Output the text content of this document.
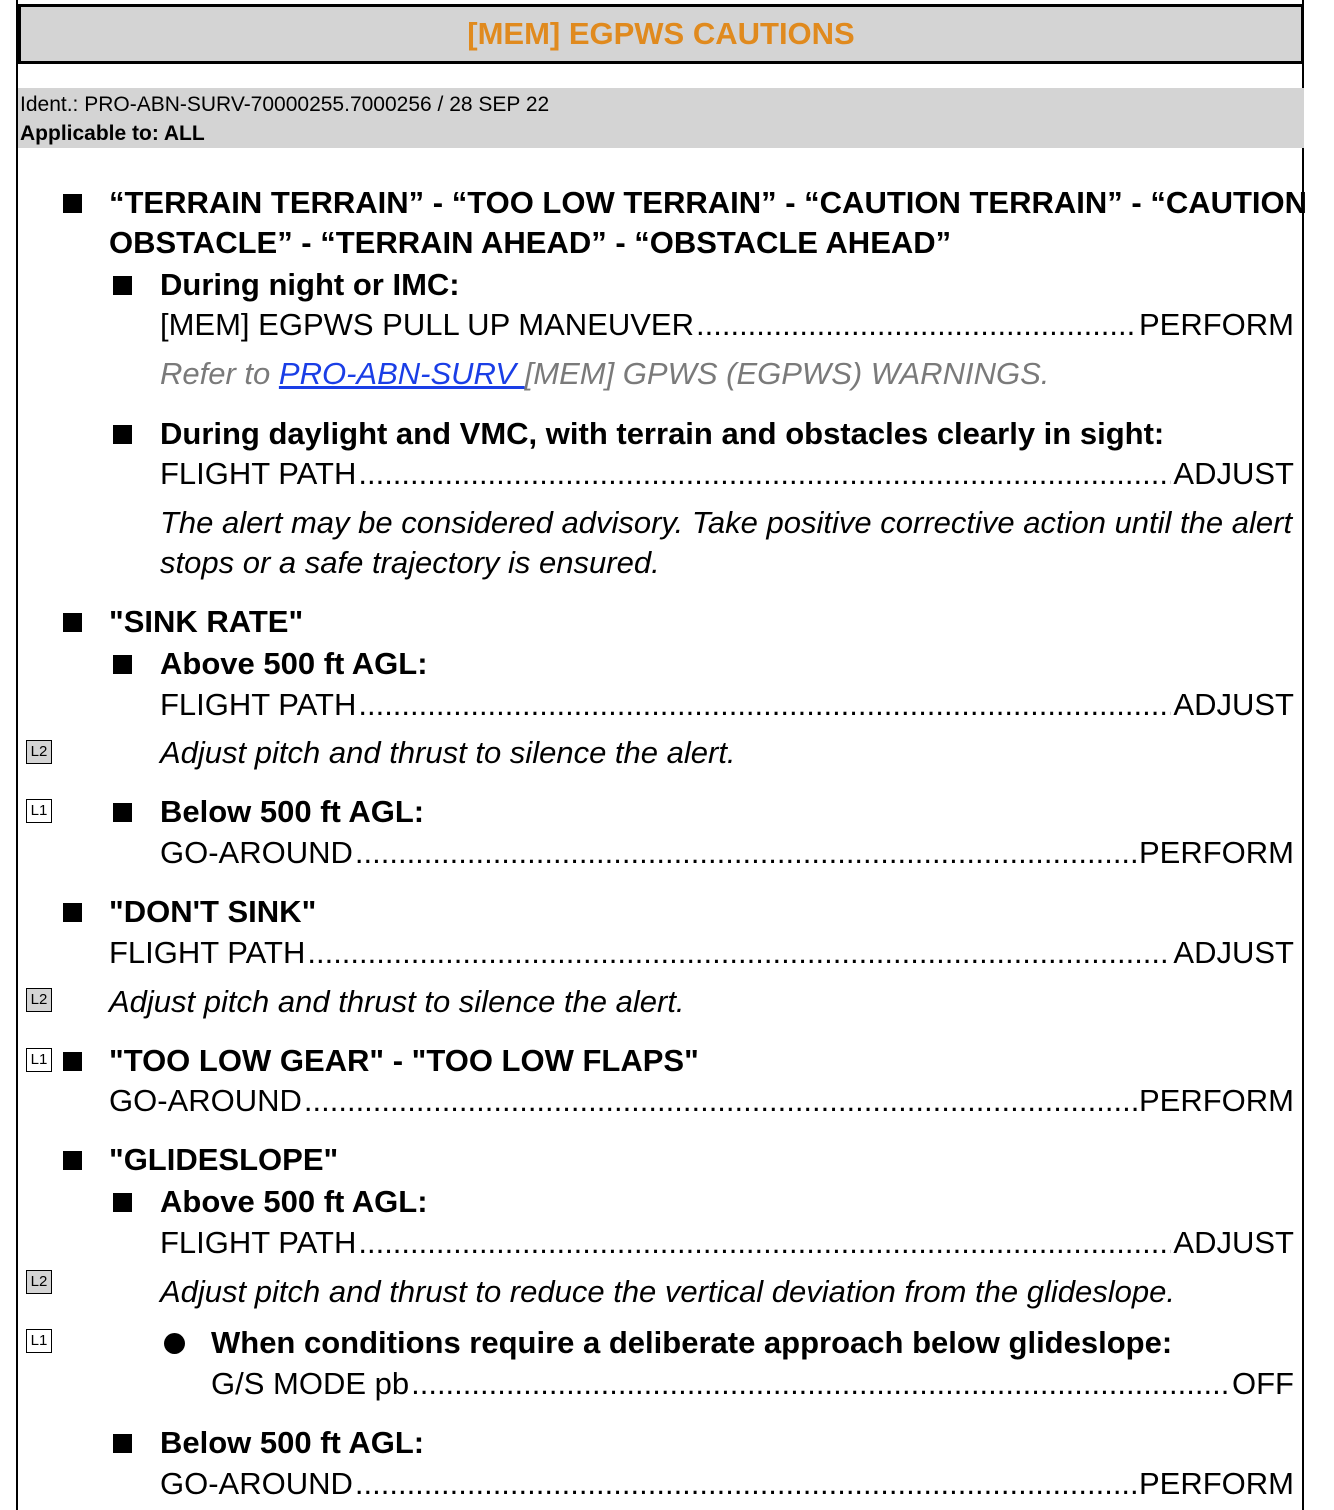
[MEM] EGPWS CAUTIONS
Ident.: PRO-ABN-SURV-70000255.7000256 / 28 SEP 22
Applicable to: ALL
“TERRAIN TERRAIN” - “TOO LOW TERRAIN” - “CAUTION TERRAIN” - “CAUTION
OBSTACLE” - “TERRAIN AHEAD” - “OBSTACLE AHEAD”
During night or IMC:
[MEM] EGPWS PULL UP MANEUVER .....	PERFORM
Refer to PRO-ABN-SURV [MEM] GPWS (EGPWS) WARNINGS.
During daylight and VMC, with terrain and obstacles clearly in sight:
FLIGHT PATH .....	ADJUST
The alert may be considered advisory. Take positive corrective action until the alert
stops or a safe trajectory is ensured.
"SINK RATE"
Above 500 ft AGL:
FLIGHT PATH .....	ADJUST
L2	Adjust pitch and thrust to silence the alert.
L1	Below 500 ft AGL:
GO-AROUND .....	PERFORM
"DON'T SINK"
FLIGHT PATH .....	ADJUST
L2 Adjust pitch and thrust to silence the alert.
L1 "TOO LOW GEAR" - "TOO LOW FLAPS"
GO-AROUND .....	PERFORM
"GLIDESLOPE"
Above 500 ft AGL:
FLIGHT PATH .....	ADJUST
L2	Adjust pitch and thrust to reduce the vertical deviation from the glideslope.
L1	When conditions require a deliberate approach below glideslope:
G/S MODE pb .....	OFF
Below 500 ft AGL:
GO-AROUND .....	PERFORM
